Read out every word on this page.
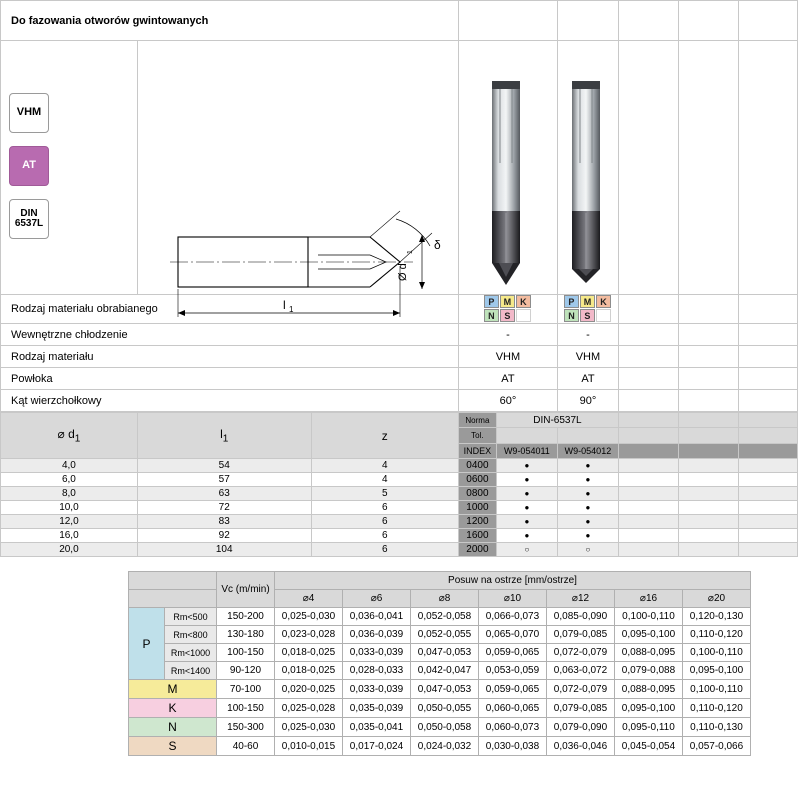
Do fazowania otworów gwintowanych						

VHM
AT
DIN
6537L

l 1
Ø d
1
δ

Rodzaj materiału obrabianego	
P	M	K
N	S

P	M	K
N	S

Wewnętrzne chłodzenie		-	-			
Rodzaj materiału		VHM	VHM			
Powłoka		AT	AT			
Kąt wierzchołkowy		60°	90°			
⌀ $d_1$	$l_1$	z	Norma	DIN-6537L				
			Tol.					
			INDEX	W9-054011	W9-054012			
4,0	54	4	0400	●	●			
6,0	57	4	0600	●	●			
8,0	63	5	0800	●	●			
10,0	72	6	1000	●	●			
12,0	83	6	1200	●	●			
16,0	92	6	1600	●	●			
20,0	104	6	2000	○	○			
		Vc (m/min)	Posuw na ostrze [mm/ostrze]						
			⌀4	⌀6	⌀8	⌀10	⌀12	⌀16	⌀20
P	Rm<500	150-200	0,025-0,030	0,036-0,041	0,052-0,058	0,066-0,073	0,085-0,090	0,100-0,110	0,120-0,130
	Rm<800	130-180	0,023-0,028	0,036-0,039	0,052-0,055	0,065-0,070	0,079-0,085	0,095-0,100	0,110-0,120
	Rm<1000	100-150	0,018-0,025	0,033-0,039	0,047-0,053	0,059-0,065	0,072-0,079	0,088-0,095	0,100-0,110
	Rm<1400	90-120	0,018-0,025	0,028-0,033	0,042-0,047	0,053-0,059	0,063-0,072	0,079-0,088	0,095-0,100
M		70-100	0,020-0,025	0,033-0,039	0,047-0,053	0,059-0,065	0,072-0,079	0,088-0,095	0,100-0,110
K		100-150	0,025-0,028	0,035-0,039	0,050-0,055	0,060-0,065	0,079-0,085	0,095-0,100	0,110-0,120
N		150-300	0,025-0,030	0,035-0,041	0,050-0,058	0,060-0,073	0,079-0,090	0,095-0,110	0,110-0,130
S		40-60	0,010-0,015	0,017-0,024	0,024-0,032	0,030-0,038	0,036-0,046	0,045-0,054	0,057-0,066
